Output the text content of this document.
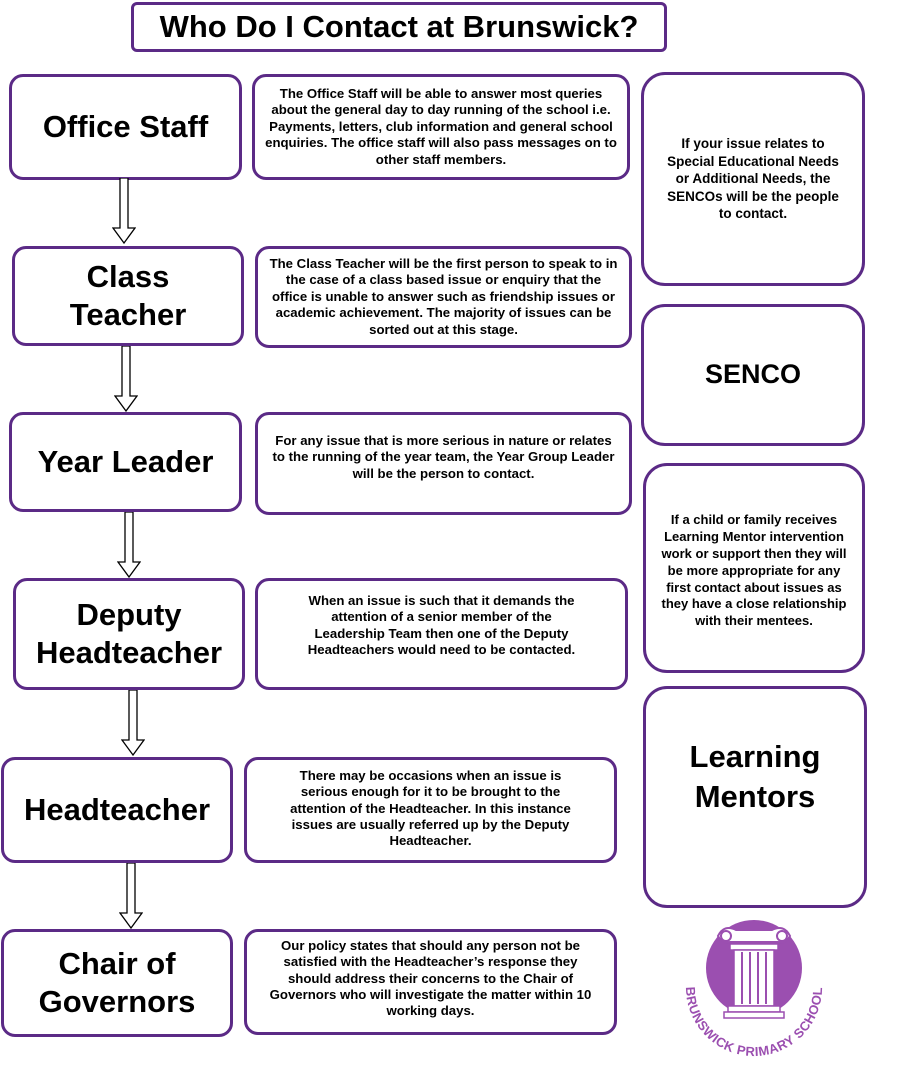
Who Do I Contact at Brunswick?
Office Staff
Class Teacher
Year Leader
Deputy Headteacher
Headteacher
Chair of Governors
The Office Staff will be able to answer most queries about the general day to day running of the school i.e. Payments, letters, club information and general school enquiries. The office staff will also pass messages on to other staff members.
The Class Teacher will be the first person to speak to in the case of a class based issue or enquiry that the office is unable to answer such as friendship issues or academic achievement. The majority of issues can be sorted out at this stage.
For any issue that is more serious in nature or relates to the running of the year team, the Year Group Leader will be the person to contact.
When an issue is such that it demands the attention of a senior member of the Leadership Team then one of the Deputy Headteachers would need to be contacted.
There may be occasions when an issue is serious enough for it to be brought to the attention of the Headteacher. In this instance issues are usually referred up by the Deputy Headteacher.
Our policy states that should any person not be satisfied with the Headteacher’s response they should address their concerns to the Chair of Governors who will investigate the matter within 10 working days.
If your issue relates to Special Educational Needs or Additional Needs, the SENCOs will be the people to contact.
SENCO
If a child or family receives Learning Mentor intervention work or support then they will be more appropriate for any first contact about issues as they have a close relationship with their mentees.
Learning Mentors
BRUNSWICK PRIMARY SCHOOL
